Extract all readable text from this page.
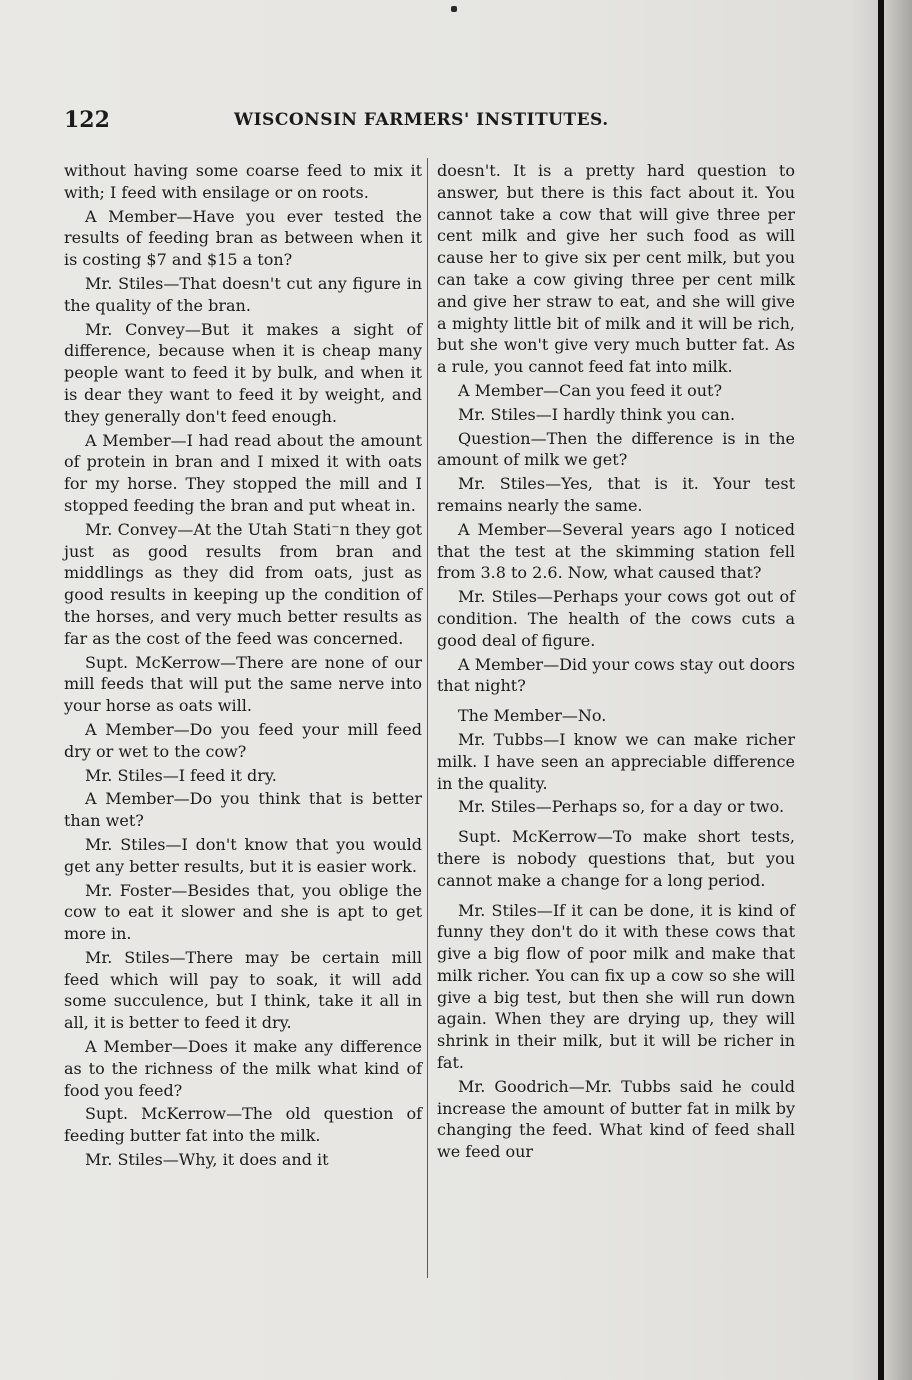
122	WISCONSIN FARMERS' INSTITUTES.

without having some coarse feed to mix it with; I feed with ensilage or on roots.

A Member—Have you ever tested the results of feeding bran as between when it is costing $7 and $15 a ton?

Mr. Stiles—That doesn't cut any figure in the quality of the bran.

Mr. Convey—But it makes a sight of difference, because when it is cheap many people want to feed it by bulk, and when it is dear they want to feed it by weight, and they generally don't feed enough.

A Member—I had read about the amount of protein in bran and I mixed it with oats for my horse. They stopped the mill and I stopped feeding the bran and put wheat in.

Mr. Convey—At the Utah Stati⁻n they got just as good results from bran and middlings as they did from oats, just as good results in keeping up the condition of the horses, and very much better results as far as the cost of the feed was concerned.

Supt. McKerrow—There are none of our mill feeds that will put the same nerve into your horse as oats will.

A Member—Do you feed your mill feed dry or wet to the cow?

Mr. Stiles—I feed it dry.

A Member—Do you think that is better than wet?

Mr. Stiles—I don't know that you would get any better results, but it is easier work.

Mr. Foster—Besides that, you oblige the cow to eat it slower and she is apt to get more in.

Mr. Stiles—There may be certain mill feed which will pay to soak, it will add some succulence, but I think, take it all in all, it is better to feed it dry.

A Member—Does it make any difference as to the richness of the milk what kind of food you feed?

Supt. McKerrow—The old question of feeding butter fat into the milk.

Mr. Stiles—Why, it does and it

doesn't. It is a pretty hard question to answer, but there is this fact about it. You cannot take a cow that will give three per cent milk and give her such food as will cause her to give six per cent milk, but you can take a cow giving three per cent milk and give her straw to eat, and she will give a mighty little bit of milk and it will be rich, but she won't give very much butter fat. As a rule, you cannot feed fat into milk.

A Member—Can you feed it out?

Mr. Stiles—I hardly think you can.

Question—Then the difference is in the amount of milk we get?

Mr. Stiles—Yes, that is it. Your test remains nearly the same.

A Member—Several years ago I noticed that the test at the skimming station fell from 3.8 to 2.6. Now, what caused that?

Mr. Stiles—Perhaps your cows got out of condition. The health of the cows cuts a good deal of figure.

A Member—Did your cows stay out doors that night?

The Member—No.

Mr. Tubbs—I know we can make richer milk. I have seen an appreciable difference in the quality.

Mr. Stiles—Perhaps so, for a day or two.

Supt. McKerrow—To make short tests, there is nobody questions that, but you cannot make a change for a long period.

Mr. Stiles—If it can be done, it is kind of funny they don't do it with these cows that give a big flow of poor milk and make that milk richer. You can fix up a cow so she will give a big test, but then she will run down again. When they are drying up, they will shrink in their milk, but it will be richer in fat.

Mr. Goodrich—Mr. Tubbs said he could increase the amount of butter fat in milk by changing the feed. What kind of feed shall we feed our
